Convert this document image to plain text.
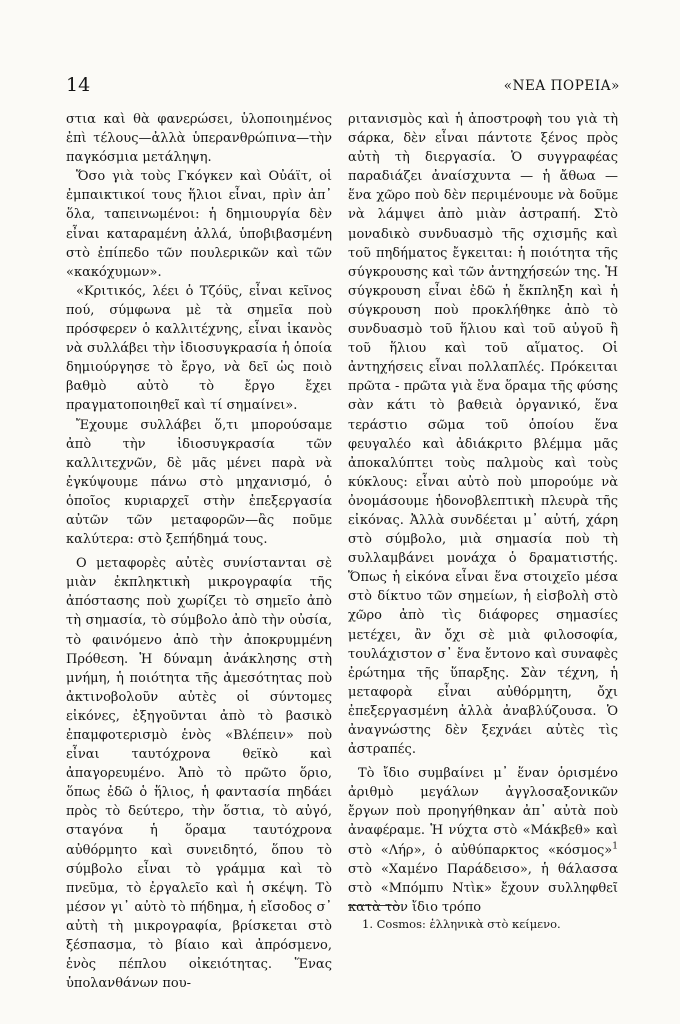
14	«ΝΕΑ ΠΟΡΕΙΑ»

στια καὶ θὰ φανερώσει, ὑλοποιημένος ἐπὶ τέλους—ἀλλὰ ὑπερανθρώπινα—τὴν παγκόσμια μετάληψη.

Ὅσο γιὰ τοὺς Γκόγκεν καὶ Οὐάϊτ, οἱ ἐμπαικτικοί τους ἥλιοι εἶναι, πρὶν ἀπ᾿ ὅλα, ταπεινωμένοι: ἡ δημιουργία δὲν εἶναι καταραμένη ἀλλά, ὑποβιβασμένη στὸ ἐπίπεδο τῶν πουλερικῶν καὶ τῶν «κακόχυμων».

«Κριτικός, λέει ὁ Τζόϋς, εἶναι κεῖνος πού, σύμφωνα μὲ τὰ σημεῖα ποὺ πρόσφερεν ὁ καλλιτέχνης, εἶναι ἱκανὸς νὰ συλλάβει τὴν ἰδιοσυγκρασία ἡ ὁποία δημιούργησε τὸ ἔργο, νὰ δεῖ ὡς ποιὸ βαθμὸ αὐτὸ τὸ ἔργο ἔχει πραγματοποιηθεῖ καὶ τί σημαίνει».

Ἔχουμε συλλάβει ὅ,τι μπορούσαμε ἀπὸ τὴν ἰδιοσυγκρασία τῶν καλλιτεχνῶν, δὲ μᾶς μένει παρὰ νὰ ἐγκύψουμε πάνω στὸ μηχανισμό, ὁ ὁποῖος κυριαρχεῖ στὴν ἐπεξεργασία αὐτῶν τῶν μεταφορῶν—ἂς ποῦμε καλύτερα: στὸ ξεπήδημά τους.

Ο μεταφορὲς αὐτὲς συνίστανται σὲ μιὰν ἐκπληκτικὴ μικρογραφία τῆς ἀπόστασης ποὺ χωρίζει τὸ σημεῖο ἀπὸ τὴ σημασία, τὸ σύμβολο ἀπὸ τὴν οὐσία, τὸ φαινόμενο ἀπὸ τὴν ἀποκρυμμένη Πρόθεση. Ἡ δύναμη ἀνάκλησης στὴ μνήμη, ἡ ποιότητα τῆς ἀμεσότητας ποὺ ἀκτινοβολοῦν αὐτὲς οἱ σύντομες εἰκόνες, ἐξηγοῦνται ἀπὸ τὸ βασικὸ ἐπαμφοτερισμὸ ἑνὸς «Βλέπειν» ποὺ εἶναι ταυτόχρονα θεϊκὸ καὶ ἀπαγορευμένο. Ἀπὸ τὸ πρῶτο ὅριο, ὅπως ἐδῶ ὁ ἥλιος, ἡ φαντασία πηδάει πρὸς τὸ δεύτερο, τὴν ὅστια, τὸ αὐγό, σταγόνα ἡ ὅραμα ταυτόχρονα αὐθόρμητο καὶ συνειδητό, ὅπου τὸ σύμβολο εἶναι τὸ γράμμα καὶ τὸ πνεῦμα, τὸ ἐργαλεῖο καὶ ἡ σκέψη. Τὸ μέσον γι᾿ αὐτὸ τὸ πήδημα, ἡ εἴσοδος σ᾿ αὐτὴ τὴ μικρογραφία, βρίσκεται στὸ ξέσπασμα, τὸ βίαιο καὶ ἀπρόσμενο, ἑνὸς πέπλου οἰκειότητας. Ἕνας ὑπολανθάνων που-

ριτανισμὸς καὶ ἡ ἀποστροφὴ του γιὰ τὴ σάρκα, δὲν εἶναι πάντοτε ξένος πρὸς αὐτὴ τὴ διεργασία. Ὁ συγγραφέας παραδιάζει ἀναίσχυντα — ἡ ἄθωα — ἕνα χῶρο ποὺ δὲν περιμένουμε νὰ δοῦμε νὰ λάμψει ἀπὸ μιὰν ἀστραπή. Στὸ μοναδικὸ συνδυασμὸ τῆς σχισμῆς καὶ τοῦ πηδήματος ἔγκειται: ἡ ποιότητα τῆς σύγκρουσης καὶ τῶν ἀντηχήσεών της. Ἡ σύγκρουση εἶναι ἐδῶ ἡ ἔκπληξη καὶ ἡ σύγκρουση ποὺ προκλήθηκε ἀπὸ τὸ συνδυασμὸ τοῦ ἥλιου καὶ τοῦ αὐγοῦ ἢ τοῦ ἥλιου καὶ τοῦ αἵματος. Οἱ ἀντηχήσεις εἶναι πολλαπλές. Πρόκειται πρῶτα - πρῶτα γιὰ ἕνα ὅραμα τῆς φύσης σὰν κάτι τὸ βαθειὰ ὀργανικό, ἕνα τεράστιο σῶμα τοῦ ὁποίου ἕνα φευγαλέο καὶ ἀδιάκριτο βλέμμα μᾶς ἀποκαλύπτει τοὺς παλμοὺς καὶ τοὺς κύκλους: εἶναι αὐτὸ ποὺ μπορούμε νὰ ὀνομάσουμε ἡδονοβλεπτικὴ πλευρὰ τῆς εἰκόνας. Ἀλλὰ συνδέεται μ᾿ αὐτή, χάρη στὸ σύμβολο, μιὰ σημασία ποὺ τὴ συλλαμβάνει μονάχα ὁ δραματιστής. Ὅπως ἡ εἰκόνα εἶναι ἕνα στοιχεῖο μέσα στὸ δίκτυο τῶν σημείων, ἡ εἰσβολὴ στὸ χῶρο ἀπὸ τὶς διάφορες σημασίες μετέχει, ἂν ὄχι σὲ μιὰ φιλοσοφία, τουλάχιστον σ᾿ ἕνα ἔντονο καὶ συναφὲς ἐρώτημα τῆς ὕπαρξης. Σὰν τέχνη, ἡ μεταφορὰ εἶναι αὐθόρμητη, ὄχι ἐπεξεργασμένη ἀλλὰ ἀναβλύζουσα. Ὁ ἀναγνώστης δὲν ξεχνάει αὐτὲς τὶς ἀστραπές.

Τὸ ἴδιο συμβαίνει μ᾿ ἕναν ὁρισμένο ἀριθμὸ μεγάλων ἀγγλοσαξονικῶν ἔργων ποὺ προηγήθηκαν ἀπ᾿ αὐτὰ ποὺ ἀναφέραμε. Ἡ νύχτα στὸ «Μάκβεθ» καὶ στὸ «Λήρ», ὁ αὐθύπαρκτος «κόσμος»$^1$ στὸ «Χαμένο Παράδεισο», ἡ θάλασσα στὸ «Μπόμπυ Ντὶκ» ἔχουν συλληφθεῖ κατὰ τὸν ἴδιο τρόπο

1. Cosmos: ἑλληνικὰ στὸ κείμενο.
